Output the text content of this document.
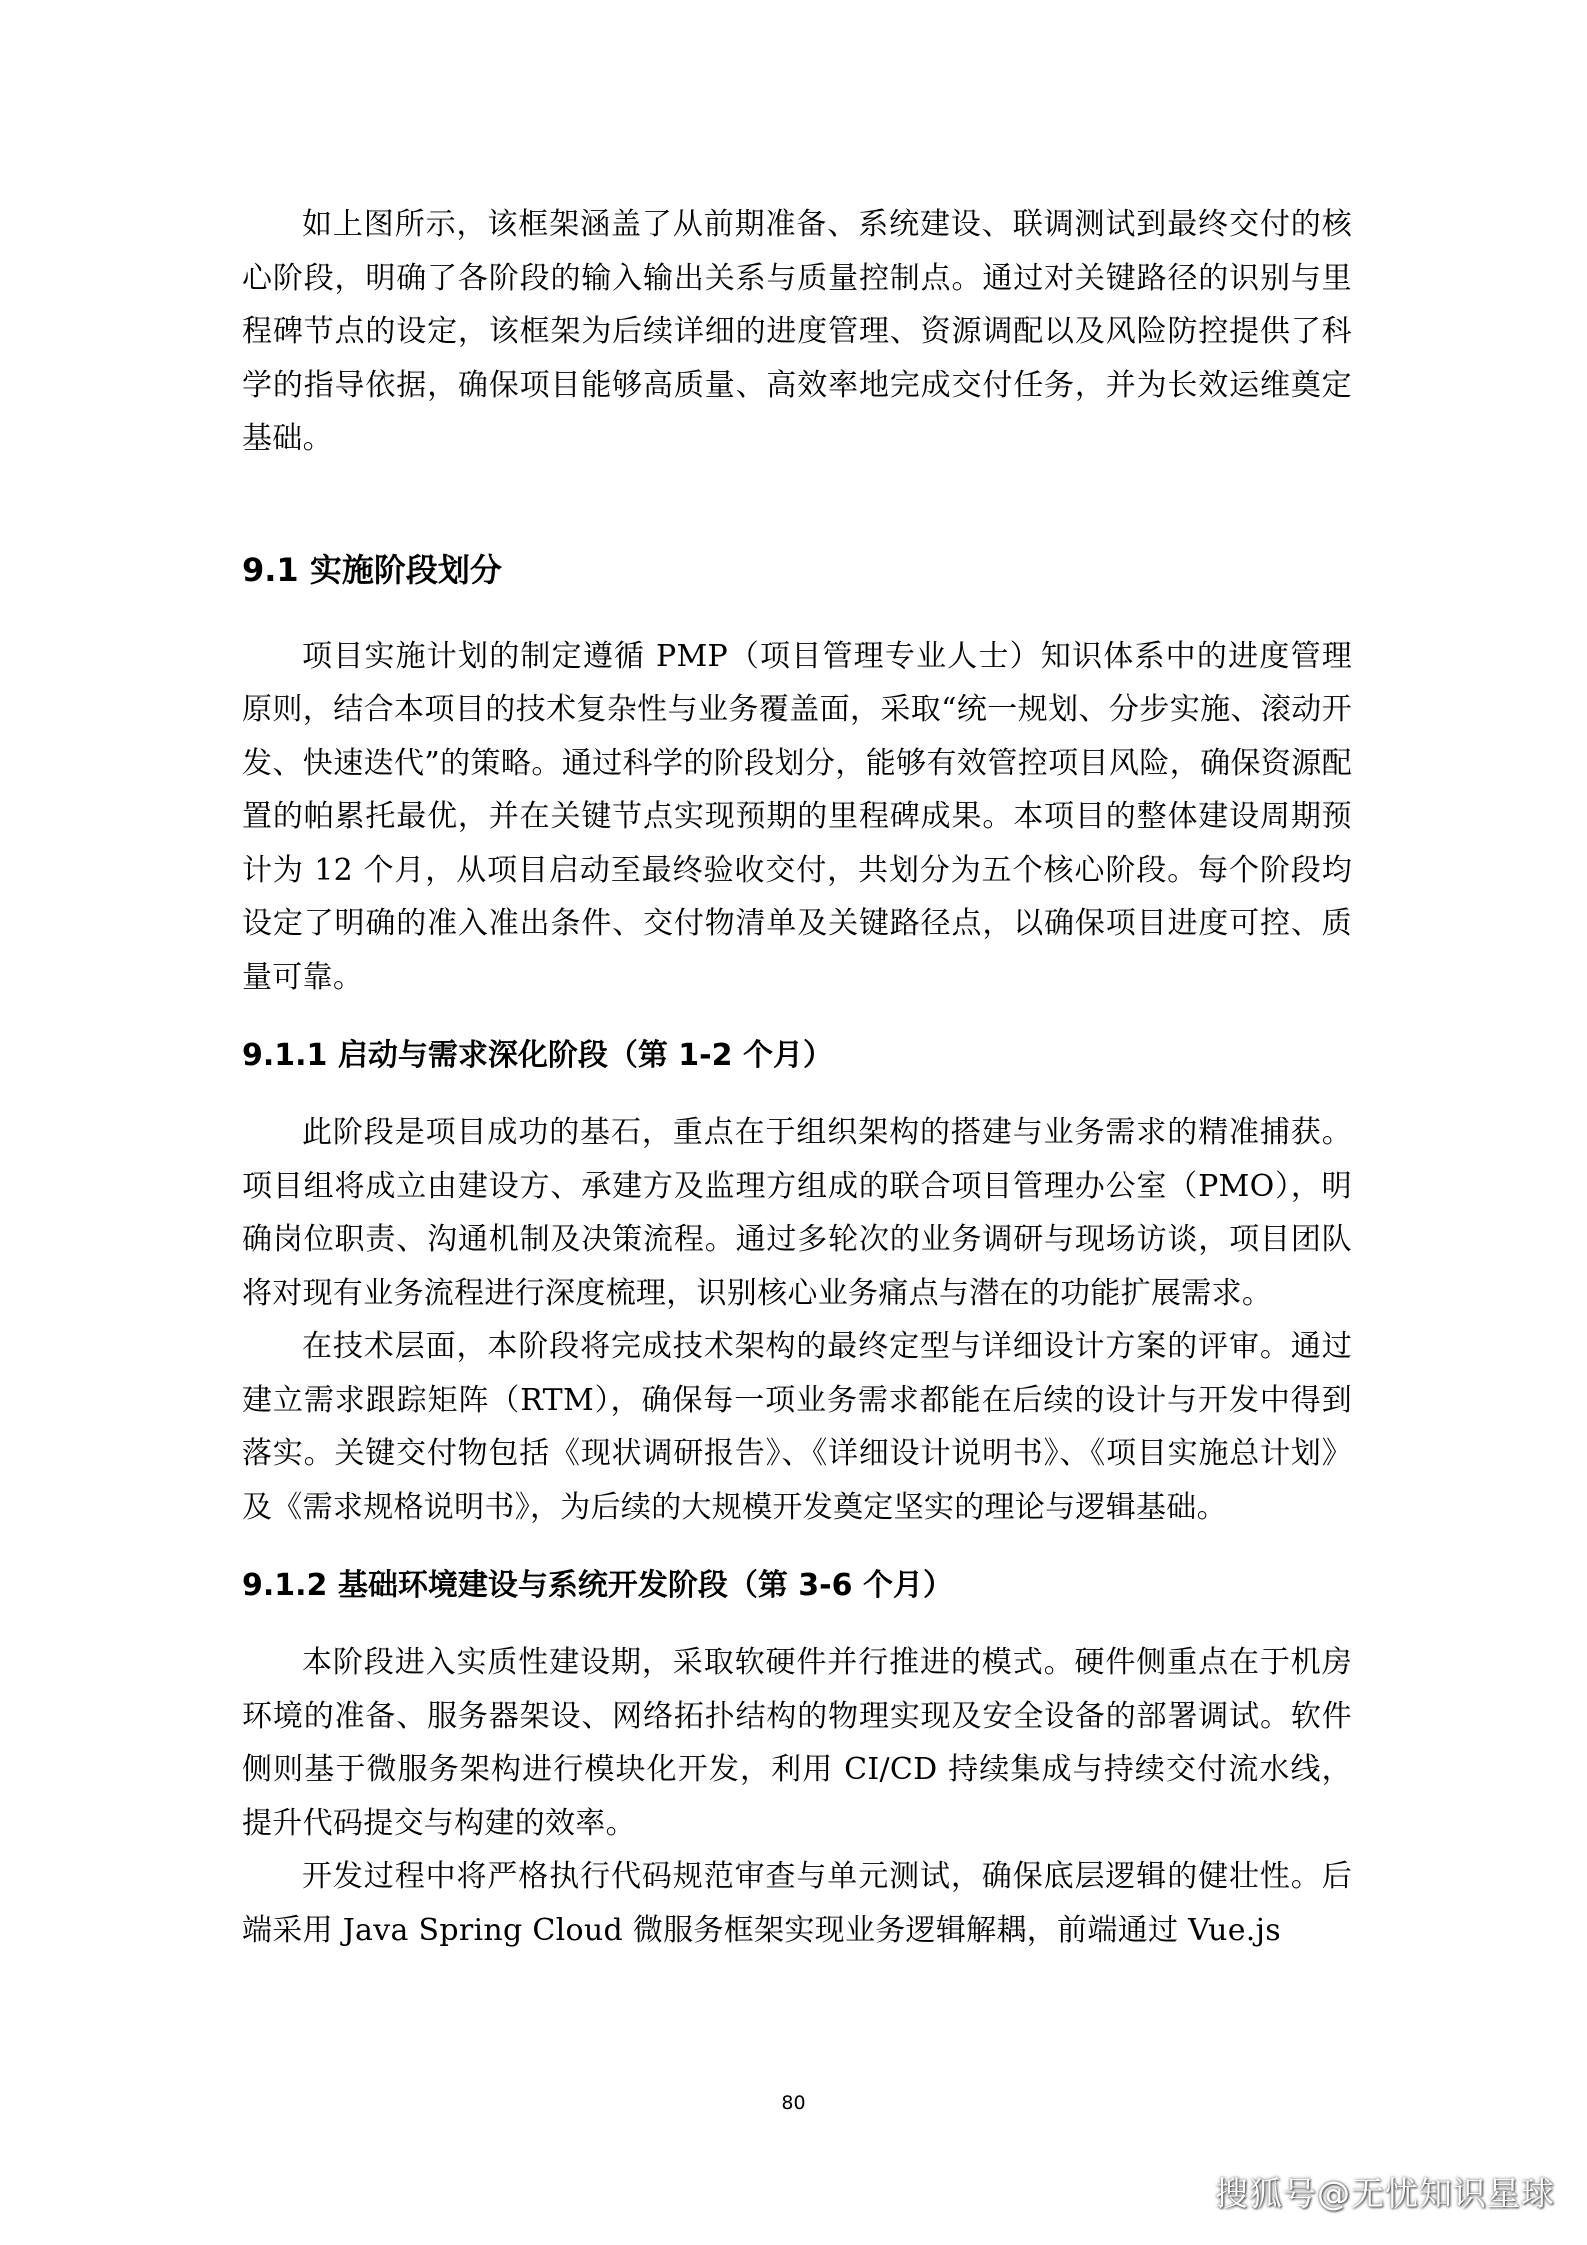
如上图所示，该框架涵盖了从前期准备、系统建设、联调测试到最终交付的核心阶段，明确了各阶段的输入输出关系与质量控制点。通过对关键路径的识别与里程碑节点的设定，该框架为后续详细的进度管理、资源调配以及风险防控提供了科学的指导依据，确保项目能够高质量、高效率地完成交付任务，并为长效运维奠定基础。

9.1 实施阶段划分

项目实施计划的制定遵循 PMP（项目管理专业人士）知识体系中的进度管理原则，结合本项目的技术复杂性与业务覆盖面，采取“统一规划、分步实施、滚动开发、快速迭代”的策略。通过科学的阶段划分，能够有效管控项目风险，确保资源配置的帕累托最优，并在关键节点实现预期的里程碑成果。本项目的整体建设周期预计为 12 个月，从项目启动至最终验收交付，共划分为五个核心阶段。每个阶段均设定了明确的准入准出条件、交付物清单及关键路径点，以确保项目进度可控、质量可靠。

9.1.1 启动与需求深化阶段（第 1-2 个月）

此阶段是项目成功的基石，重点在于组织架构的搭建与业务需求的精准捕获。项目组将成立由建设方、承建方及监理方组成的联合项目管理办公室（PMO），明确岗位职责、沟通机制及决策流程。通过多轮次的业务调研与现场访谈，项目团队将对现有业务流程进行深度梳理，识别核心业务痛点与潜在的功能扩展需求。

在技术层面，本阶段将完成技术架构的最终定型与详细设计方案的评审。通过建立需求跟踪矩阵（RTM），确保每一项业务需求都能在后续的设计与开发中得到落实。关键交付物包括《现状调研报告》、《详细设计说明书》、《项目实施总计划》及《需求规格说明书》，为后续的大规模开发奠定坚实的理论与逻辑基础。

9.1.2 基础环境建设与系统开发阶段（第 3-6 个月）

本阶段进入实质性建设期，采取软硬件并行推进的模式。硬件侧重点在于机房环境的准备、服务器架设、网络拓扑结构的物理实现及安全设备的部署调试。软件侧则基于微服务架构进行模块化开发，利用 CI/CD 持续集成与持续交付流水线，提升代码提交与构建的效率。

开发过程中将严格执行代码规范审查与单元测试，确保底层逻辑的健壮性。后端采用 Java Spring Cloud 微服务框架实现业务逻辑解耦，前端通过 Vue.js

80
搜狐号@无忧知识星球
